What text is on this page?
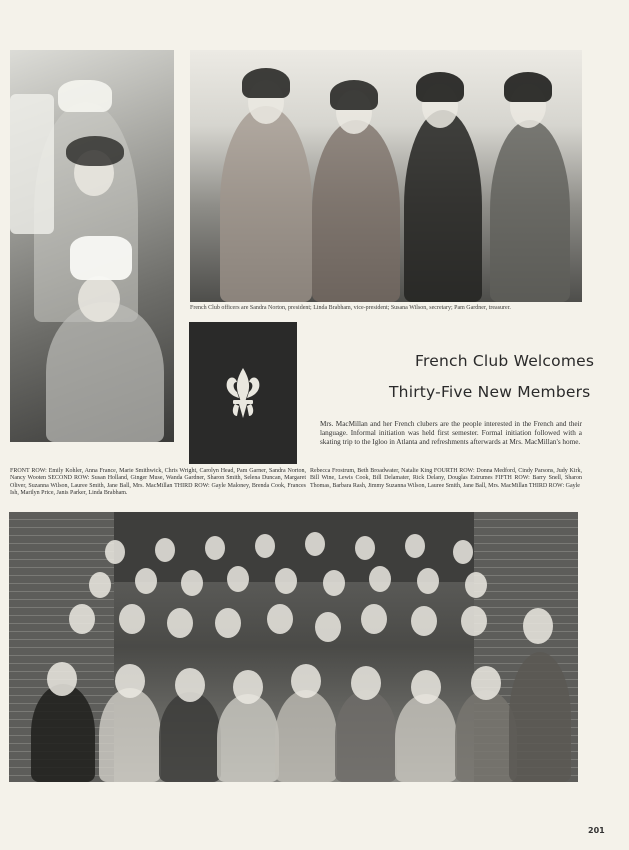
French Club officers are Sandra Norton, president; Linda Brabham, vice-president; Susana Wilson, secretary; Pam Gardner, treasurer.
French Club Welcomes
Thirty-Five New Members
Mrs. MacMillan and her French clubers are the people interested in the French and their language. Informal initiation was held first semester. Formal initiation followed with a skating trip to the Igloo in Atlanta and refreshments afterwards at Mrs. MacMillan's home.
FRONT ROW: Emily Kohler, Anna France, Marie Smithwick, Chris Wright, Carolyn Head, Pam Garner, Sandra Norton, Nancy Wooten SECOND ROW: Susan Holland, Ginger Muse, Wanda Gardner, Sharon Smith, Selena Duncan, Margaret Oliver, Suzanna Wilson, Lauree Smith, Jane Ball, Mrs. MacMillan THIRD ROW: Gayle Maloney, Brenda Cook, Frances Ish, Marilyn Price, Janis Parker, Linda Brabham.
Rebecca Frostrum, Beth Broadwater, Natalie King FOURTH ROW: Donna Medford, Cindy Parsons, Judy Kirk, Bill Wine, Lewis Cook, Bill Delamater, Rick Delany, Douglas Estrumes FIFTH ROW: Barry Snell, Sharon Thomas, Barbara Rash, Jimmy Suzanna Wilson, Lauree Smith, Jane Ball, Mrs. MacMillan THIRD ROW: Gayle
201
